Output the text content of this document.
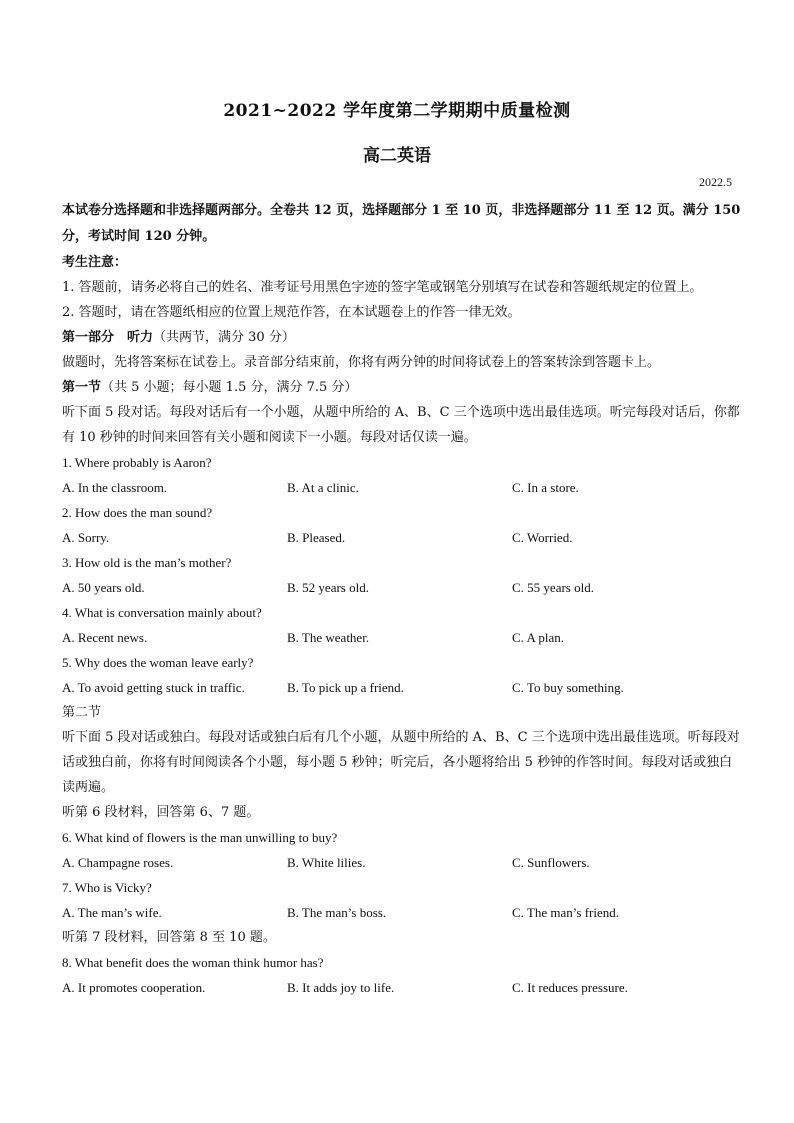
2021~2022 学年度第二学期期中质量检测
高二英语
2022.5

本试卷分选择题和非选择题两部分。全卷共 12 页，选择题部分 1 至 10 页，非选择题部分 11 至 12 页。满分 150 分，考试时间 120 分钟。

考生注意：

1. 答题前，请务必将自己的姓名、准考证号用黑色字迹的签字笔或钢笔分别填写在试卷和答题纸规定的位置上。

2. 答题时，请在答题纸相应的位置上规范作答，在本试题卷上的作答一律无效。

第一部分　听力（共两节，满分 30 分）

做题时，先将答案标在试卷上。录音部分结束前，你将有两分钟的时间将试卷上的答案转涂到答题卡上。

第一节（共 5 小题；每小题 1.5 分，满分 7.5 分）

听下面 5 段对话。每段对话后有一个小题，从题中所给的 A、B、C 三个选项中选出最佳选项。听完每段对话后，你都有 10 秒钟的时间来回答有关小题和阅读下一小题。每段对话仅读一遍。

1. Where probably is Aaron?

A. In the classroom.	B. At a clinic.	C. In a store.

2. How does the man sound?

A. Sorry.	B. Pleased.	C. Worried.

3. How old is the man’s mother?

A. 50 years old.	B. 52 years old.	C. 55 years old.

4. What is conversation mainly about?

A. Recent news.	B. The weather.	C. A plan.

5. Why does the woman leave early?

A. To avoid getting stuck in traffic.	B. To pick up a friend.	C. To buy something.

第二节

听下面 5 段对话或独白。每段对话或独白后有几个小题，从题中所给的 A、B、C 三个选项中选出最佳选项。听每段对话或独白前，你将有时间阅读各个小题，每小题 5 秒钟；听完后，各小题将给出 5 秒钟的作答时间。每段对话或独白读两遍。

听第 6 段材料，回答第 6、7 题。

6. What kind of flowers is the man unwilling to buy?

A. Champagne roses.	B. White lilies.	C. Sunflowers.

7. Who is Vicky?

A. The man’s wife.	B. The man’s boss.	C. The man’s friend.

听第 7 段材料，回答第 8 至 10 题。

8. What benefit does the woman think humor has?

A. It promotes cooperation.	B. It adds joy to life.	C. It reduces pressure.
